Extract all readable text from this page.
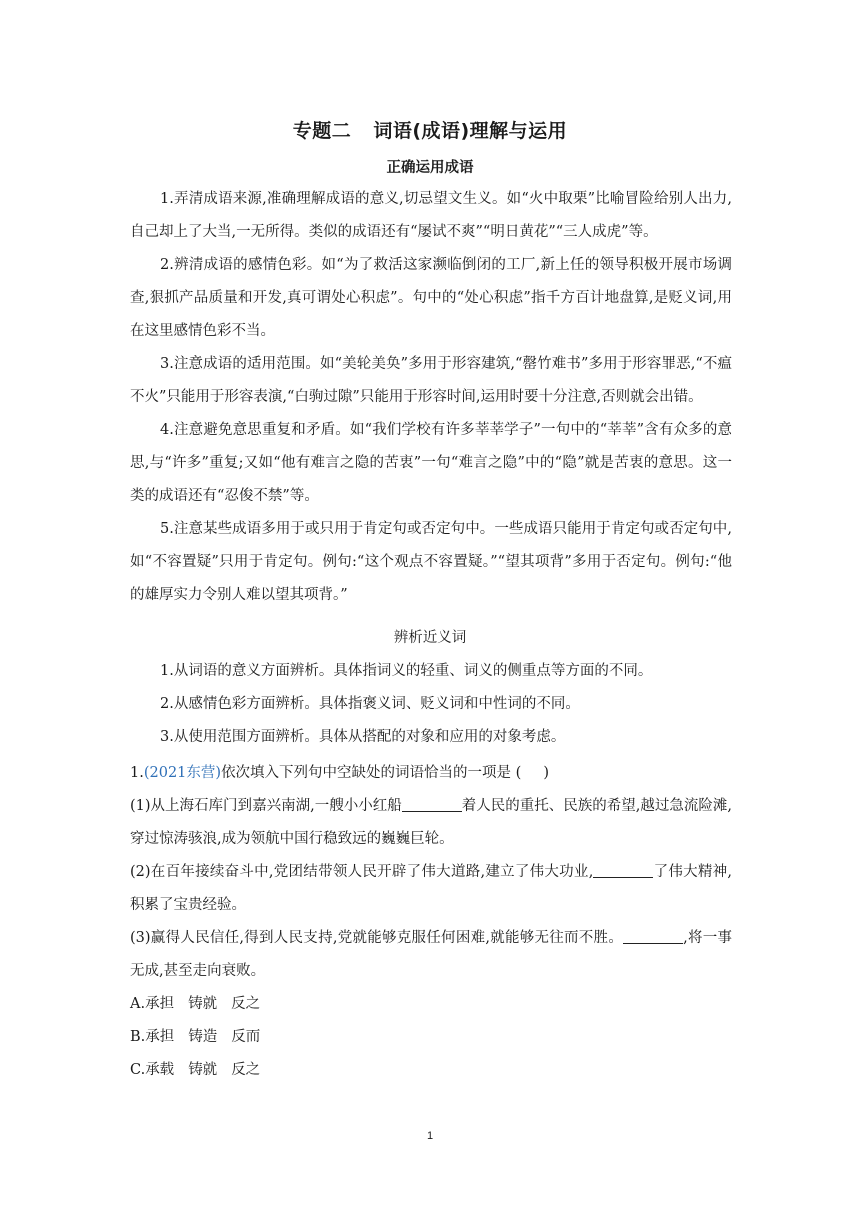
专题二 词语(成语)理解与运用
正确运用成语

1.弄清成语来源,准确理解成语的意义,切忌望文生义。如“火中取栗”比喻冒险给别人出力,自己却上了大当,一无所得。类似的成语还有“屡试不爽”“明日黄花”“三人成虎”等。

2.辨清成语的感情色彩。如“为了救活这家濒临倒闭的工厂,新上任的领导积极开展市场调查,狠抓产品质量和开发,真可谓处心积虑”。句中的“处心积虑”指千方百计地盘算,是贬义词,用在这里感情色彩不当。

3.注意成语的适用范围。如“美轮美奂”多用于形容建筑,“罄竹难书”多用于形容罪恶,“不瘟不火”只能用于形容表演,“白驹过隙”只能用于形容时间,运用时要十分注意,否则就会出错。

4.注意避免意思重复和矛盾。如“我们学校有许多莘莘学子”一句中的“莘莘”含有众多的意思,与“许多”重复;又如“他有难言之隐的苦衷”一句“难言之隐”中的“隐”就是苦衷的意思。这一类的成语还有“忍俊不禁”等。

5.注意某些成语多用于或只用于肯定句或否定句中。一些成语只能用于肯定句或否定句中,如“不容置疑”只用于肯定句。例句:“这个观点不容置疑。”“望其项背”多用于否定句。例句:“他的雄厚实力令别人难以望其项背。”

辨析近义词

1.从词语的意义方面辨析。具体指词义的轻重、词义的侧重点等方面的不同。

2.从感情色彩方面辨析。具体指褒义词、贬义词和中性词的不同。

3.从使用范围方面辨析。具体从搭配的对象和应用的对象考虑。

1.(2021东营)依次填入下列句中空缺处的词语恰当的一项是 ( )

(1)从上海石库门到嘉兴南湖,一艘小小红船	着人民的重托、民族的希望,越过急流险滩,穿过惊涛骇浪,成为领航中国行稳致远的巍巍巨轮。

(2)在百年接续奋斗中,党团结带领人民开辟了伟大道路,建立了伟大功业,	了伟大精神,积累了宝贵经验。

(3)赢得人民信任,得到人民支持,党就能够克服任何困难,就能够无往而不胜。	,将一事无成,甚至走向衰败。

A.承担 铸就 反之

B.承担 铸造 反而

C.承载 铸就 反之

1
